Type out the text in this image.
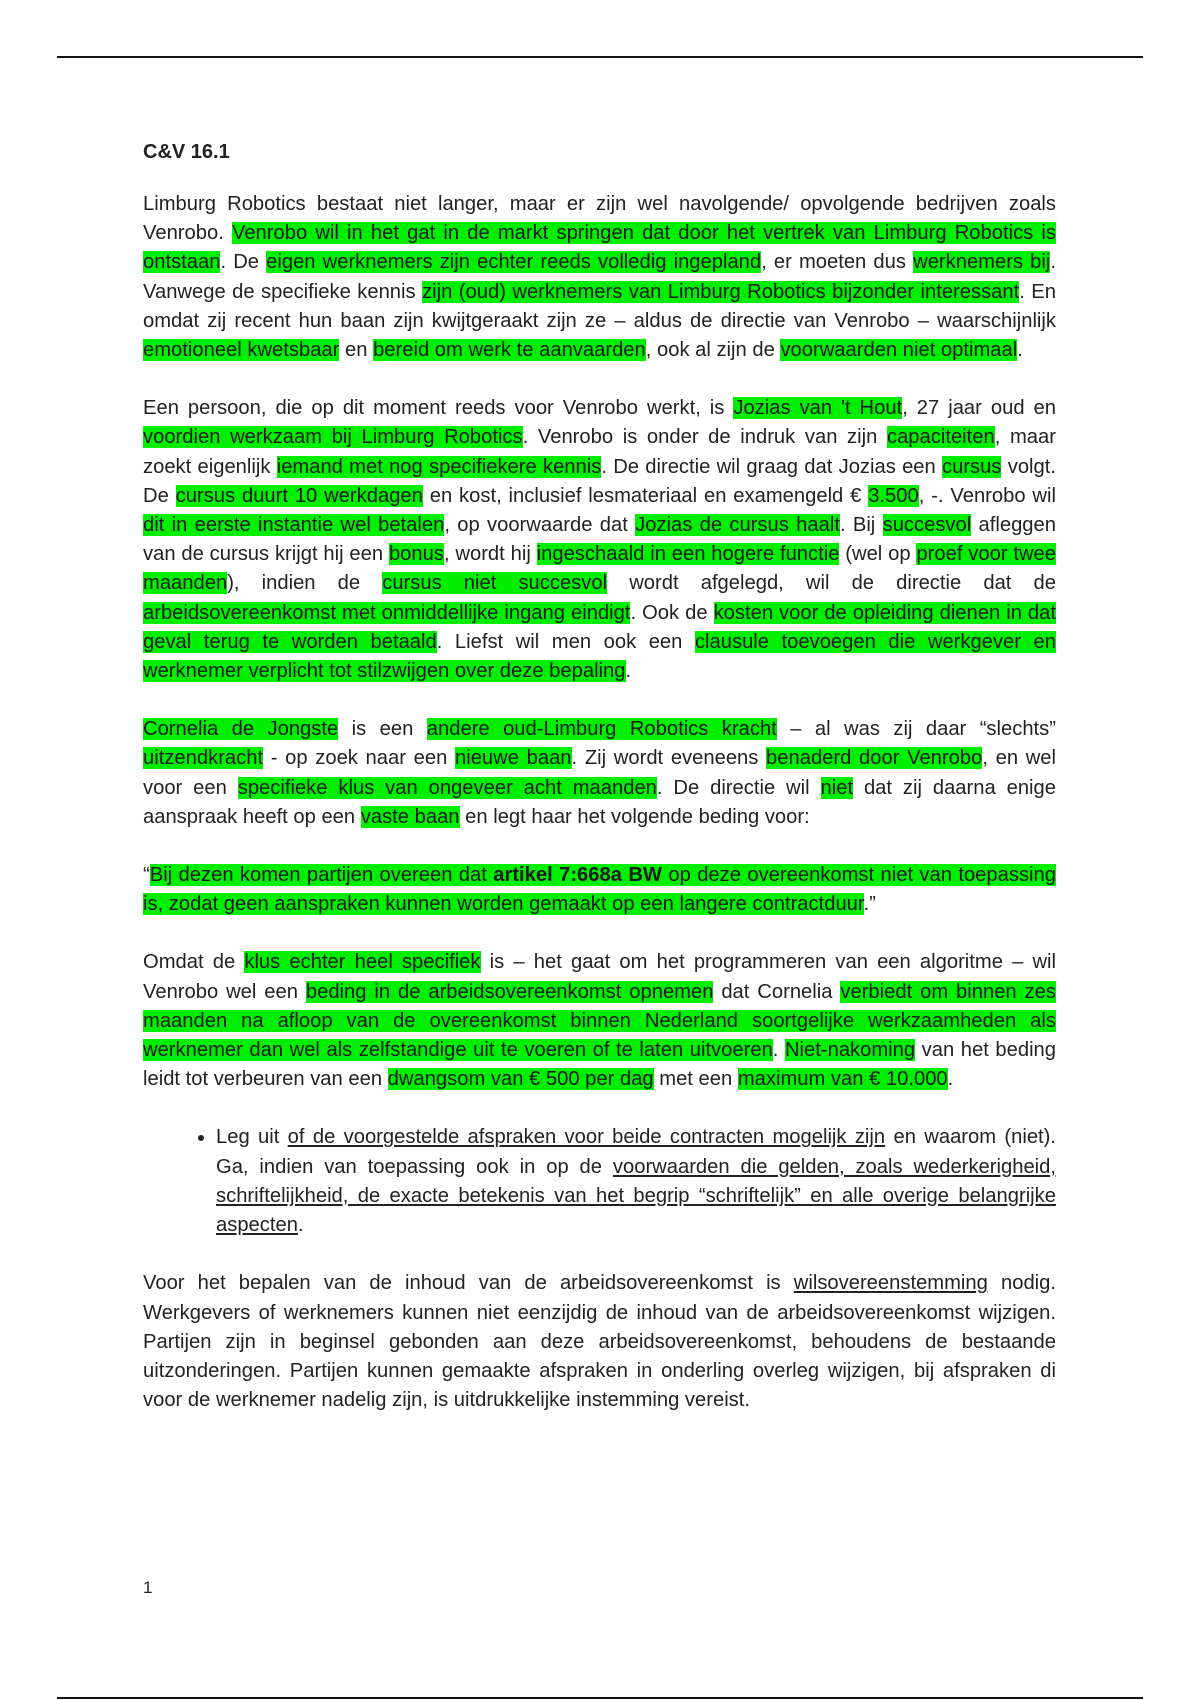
C&V 16.1

Limburg Robotics bestaat niet langer, maar er zijn wel navolgende/ opvolgende bedrijven zoals Venrobo. Venrobo wil in het gat in de markt springen dat door het vertrek van Limburg Robotics is ontstaan. De eigen werknemers zijn echter reeds volledig ingepland, er moeten dus werknemers bij. Vanwege de specifieke kennis zijn (oud) werknemers van Limburg Robotics bijzonder interessant. En omdat zij recent hun baan zijn kwijtgeraakt zijn ze – aldus de directie van Venrobo – waarschijnlijk emotioneel kwetsbaar en bereid om werk te aanvaarden, ook al zijn de voorwaarden niet optimaal.

Een persoon, die op dit moment reeds voor Venrobo werkt, is Jozias van 't Hout, 27 jaar oud en voordien werkzaam bij Limburg Robotics. Venrobo is onder de indruk van zijn capaciteiten, maar zoekt eigenlijk iemand met nog specifiekere kennis. De directie wil graag dat Jozias een cursus volgt. De cursus duurt 10 werkdagen en kost, inclusief lesmateriaal en examengeld € 3.500, -. Venrobo wil dit in eerste instantie wel betalen, op voorwaarde dat Jozias de cursus haalt. Bij succesvol afleggen van de cursus krijgt hij een bonus, wordt hij ingeschaald in een hogere functie (wel op proef voor twee maanden), indien de cursus niet succesvol wordt afgelegd, wil de directie dat de arbeidsovereenkomst met onmiddellijke ingang eindigt. Ook de kosten voor de opleiding dienen in dat geval terug te worden betaald. Liefst wil men ook een clausule toevoegen die werkgever en werknemer verplicht tot stilzwijgen over deze bepaling.

Cornelia de Jongste is een andere oud-Limburg Robotics kracht – al was zij daar “slechts” uitzendkracht - op zoek naar een nieuwe baan. Zij wordt eveneens benaderd door Venrobo, en wel voor een specifieke klus van ongeveer acht maanden. De directie wil niet dat zij daarna enige aanspraak heeft op een vaste baan en legt haar het volgende beding voor:

“Bij dezen komen partijen overeen dat artikel 7:668a BW op deze overeenkomst niet van toepassing is, zodat geen aanspraken kunnen worden gemaakt op een langere contractduur.”

Omdat de klus echter heel specifiek is – het gaat om het programmeren van een algoritme – wil Venrobo wel een beding in de arbeidsovereenkomst opnemen dat Cornelia verbiedt om binnen zes maanden na afloop van de overeenkomst binnen Nederland soortgelijke werkzaamheden als werknemer dan wel als zelfstandige uit te voeren of te laten uitvoeren. Niet-nakoming van het beding leidt tot verbeuren van een dwangsom van € 500 per dag met een maximum van € 10.000.

• Leg uit of de voorgestelde afspraken voor beide contracten mogelijk zijn en waarom (niet). Ga, indien van toepassing ook in op de voorwaarden die gelden, zoals wederkerigheid, schriftelijkheid, de exacte betekenis van het begrip “schriftelijk” en alle overige belangrijke aspecten.

Voor het bepalen van de inhoud van de arbeidsovereenkomst is wilsovereenstemming nodig. Werkgevers of werknemers kunnen niet eenzijdig de inhoud van de arbeidsovereenkomst wijzigen. Partijen zijn in beginsel gebonden aan deze arbeidsovereenkomst, behoudens de bestaande uitzonderingen. Partijen kunnen gemaakte afspraken in onderling overleg wijzigen, bij afspraken di voor de werknemer nadelig zijn, is uitdrukkelijke instemming vereist.

1
